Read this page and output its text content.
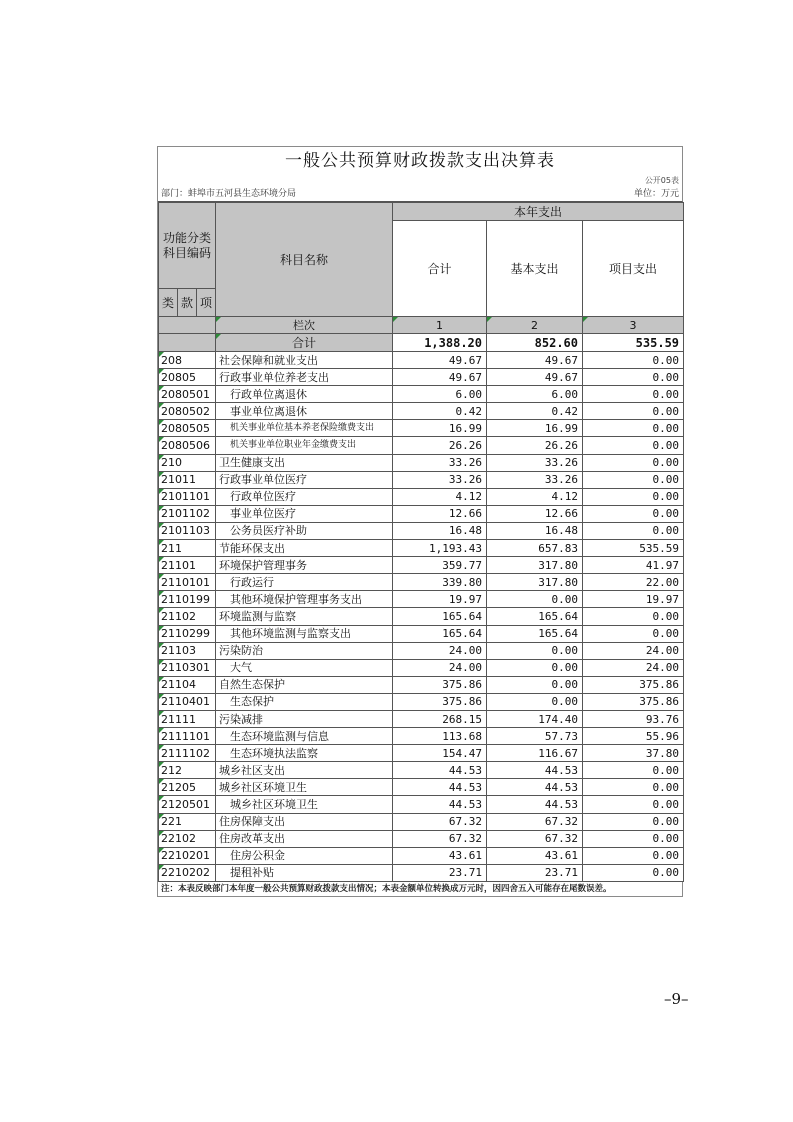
一般公共预算财政拨款支出决算表
公开05表
部门：蚌埠市五河县生态环境分局	单位：万元
功能分类科目编码			科目名称	本年支出		
				合计	基本支出	项目支出
类	款	项				
			栏次	1	2	3
			合计	1,388.20	852.60	535.59
208			社会保障和就业支出	49.67	49.67	0.00
20805			行政事业单位养老支出	49.67	49.67	0.00
2080501			行政单位离退休	6.00	6.00	0.00
2080502			事业单位离退休	0.42	0.42	0.00
2080505			机关事业单位基本养老保险缴费支出	16.99	16.99	0.00
2080506			机关事业单位职业年金缴费支出	26.26	26.26	0.00
210			卫生健康支出	33.26	33.26	0.00
21011			行政事业单位医疗	33.26	33.26	0.00
2101101			行政单位医疗	4.12	4.12	0.00
2101102			事业单位医疗	12.66	12.66	0.00
2101103			公务员医疗补助	16.48	16.48	0.00
211			节能环保支出	1,193.43	657.83	535.59
21101			环境保护管理事务	359.77	317.80	41.97
2110101			行政运行	339.80	317.80	22.00
2110199			其他环境保护管理事务支出	19.97	0.00	19.97
21102			环境监测与监察	165.64	165.64	0.00
2110299			其他环境监测与监察支出	165.64	165.64	0.00
21103			污染防治	24.00	0.00	24.00
2110301			大气	24.00	0.00	24.00
21104			自然生态保护	375.86	0.00	375.86
2110401			生态保护	375.86	0.00	375.86
21111			污染减排	268.15	174.40	93.76
2111101			生态环境监测与信息	113.68	57.73	55.96
2111102			生态环境执法监察	154.47	116.67	37.80
212			城乡社区支出	44.53	44.53	0.00
21205			城乡社区环境卫生	44.53	44.53	0.00
2120501			城乡社区环境卫生	44.53	44.53	0.00
221			住房保障支出	67.32	67.32	0.00
22102			住房改革支出	67.32	67.32	0.00
2210201			住房公积金	43.61	43.61	0.00
2210202			提租补贴	23.71	23.71	0.00
注：本表反映部门本年度一般公共预算财政拨款支出情况；本表金额单位转换成万元时，因四舍五入可能存在尾数误差。
–9–
